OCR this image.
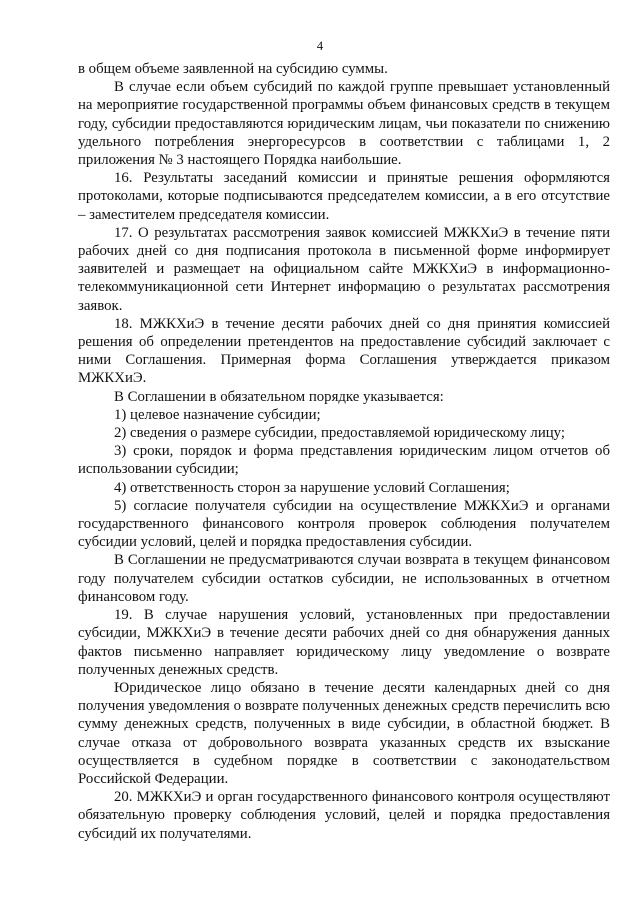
4

в общем объеме заявленной на субсидию суммы.

В случае если объем субсидий по каждой группе превышает установленный на мероприятие государственной программы объем финансовых средств в текущем году, субсидии предоставляются юридическим лицам, чьи показатели по снижению удельного потребления энергоресурсов в соответствии с таблицами 1, 2 приложения № 3 настоящего Порядка наибольшие.

16. Результаты заседаний комиссии и принятые решения оформляются протоколами, которые подписываются председателем комиссии, а в его отсутствие – заместителем председателя комиссии.

17. О результатах рассмотрения заявок комиссией МЖКХиЭ в течение пяти рабочих дней со дня подписания протокола в письменной форме информирует заявителей и размещает на официальном сайте МЖКХиЭ в информационно-телекоммуникационной сети Интернет информацию о результатах рассмотрения заявок.

18. МЖКХиЭ в течение десяти рабочих дней со дня принятия комиссией решения об определении претендентов на предоставление субсидий заключает с ними Соглашения. Примерная форма Соглашения утверждается приказом МЖКХиЭ.

В Соглашении в обязательном порядке указывается:

1) целевое назначение субсидии;

2) сведения о размере субсидии, предоставляемой юридическому лицу;

3) сроки, порядок и форма представления юридическим лицом отчетов об использовании субсидии;

4) ответственность сторон за нарушение условий Соглашения;

5) согласие получателя субсидии на осуществление МЖКХиЭ и органами государственного финансового контроля проверок соблюдения получателем субсидии условий, целей и порядка предоставления субсидии.

В Соглашении не предусматриваются случаи возврата в текущем финансовом году получателем субсидии остатков субсидии, не использованных в отчетном финансовом году.

19. В случае нарушения условий, установленных при предоставлении субсидии, МЖКХиЭ в течение десяти рабочих дней со дня обнаружения данных фактов письменно направляет юридическому лицу уведомление о возврате полученных денежных средств.

Юридическое лицо обязано в течение десяти календарных дней со дня получения уведомления о возврате полученных денежных средств перечислить всю сумму денежных средств, полученных в виде субсидии, в областной бюджет. В случае отказа от добровольного возврата указанных средств их взыскание осуществляется в судебном порядке в соответствии с законодательством Российской Федерации.

20. МЖКХиЭ и орган государственного финансового контроля осуществляют обязательную проверку соблюдения условий, целей и порядка предоставления субсидий их получателями.
